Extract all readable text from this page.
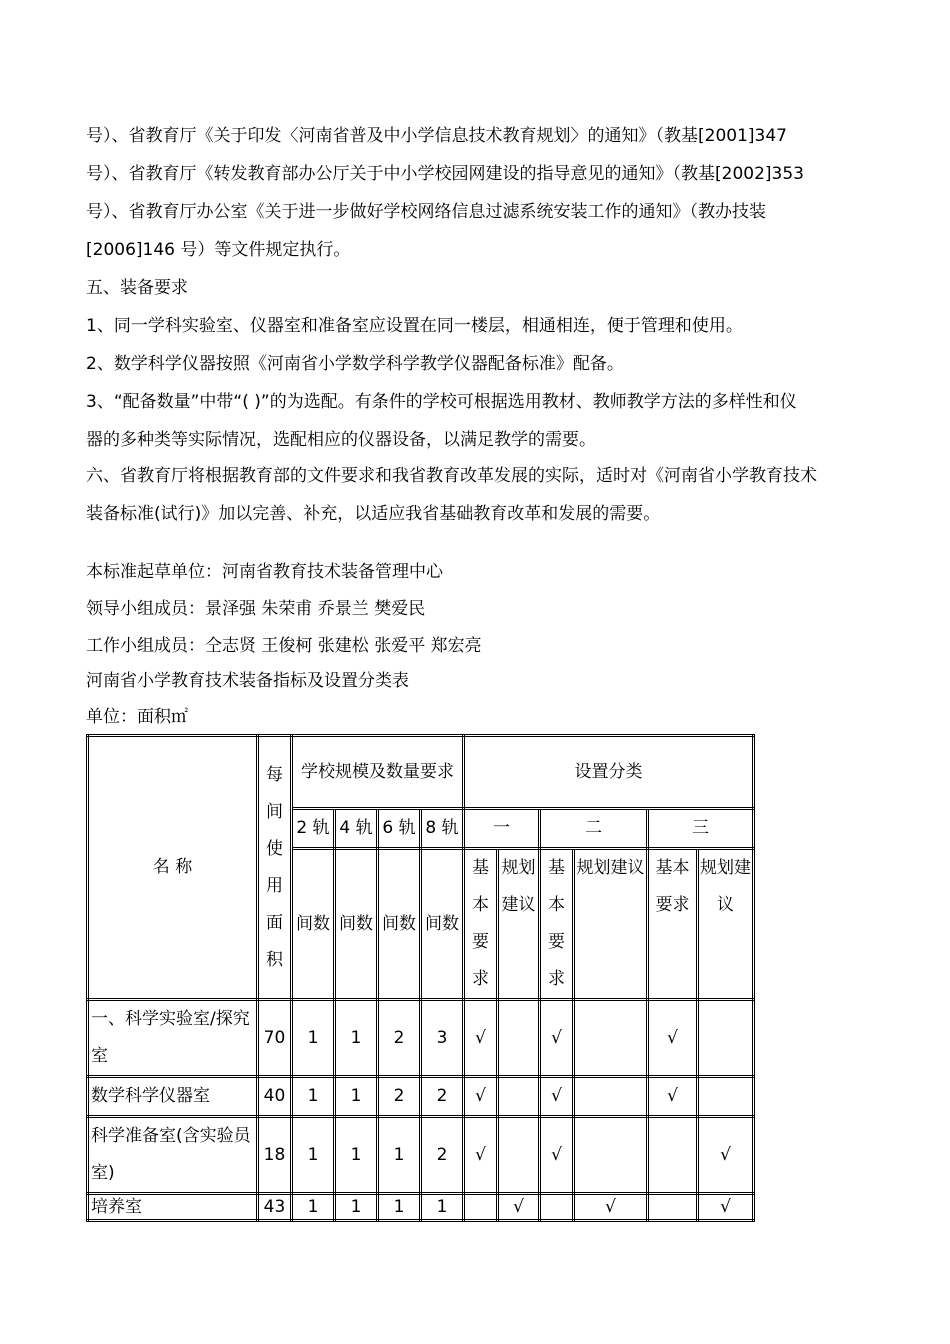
号）、省教育厅《关于印发〈河南省普及中小学信息技术教育规划〉的通知》（教基[2001]347
号）、省教育厅《转发教育部办公厅关于中小学校园网建设的指导意见的通知》（教基[2002]353
号）、省教育厅办公室《关于进一步做好学校网络信息过滤系统安装工作的通知》（教办技装
[2006]146 号）等文件规定执行。
五、装备要求
1、同一学科实验室、仪器室和准备室应设置在同一楼层，相通相连，便于管理和使用。
2、数学科学仪器按照《河南省小学数学科学教学仪器配备标准》配备。
3、“配备数量”中带“( )”的为选配。有条件的学校可根据选用教材、教师教学方法的多样性和仪
器的多种类等实际情况，选配相应的仪器设备，以满足教学的需要。
六、省教育厅将根据教育部的文件要求和我省教育改革发展的实际，适时对《河南省小学教育技术
装备标准(试行)》加以完善、补充，以适应我省基础教育改革和发展的需要。

本标准起草单位：河南省教育技术装备管理中心

领导小组成员：景泽强 朱荣甫 乔景兰 樊爱民

工作小组成员：仝志贤 王俊柯 张建松 张爱平 郑宏亮

河南省小学教育技术装备指标及设置分类表

单位：面积㎡

名 称	每间使用面积	学校规模及数量要求				设置分类					
		2 轨	4 轨	6 轨	8 轨	一		二		三	
		间数	间数	间数	间数	基本要求	规划建议	基本要求	规划建议	基本要求	规划建议
一、科学实验室/探究室	70	1	1	2	3	√		√		√	
数学科学仪器室	40	1	1	2	2	√		√		√	
科学准备室(含实验员室)	18	1	1	1	2	√		√			√
培养室	43	1	1	1	1		√		√		√
